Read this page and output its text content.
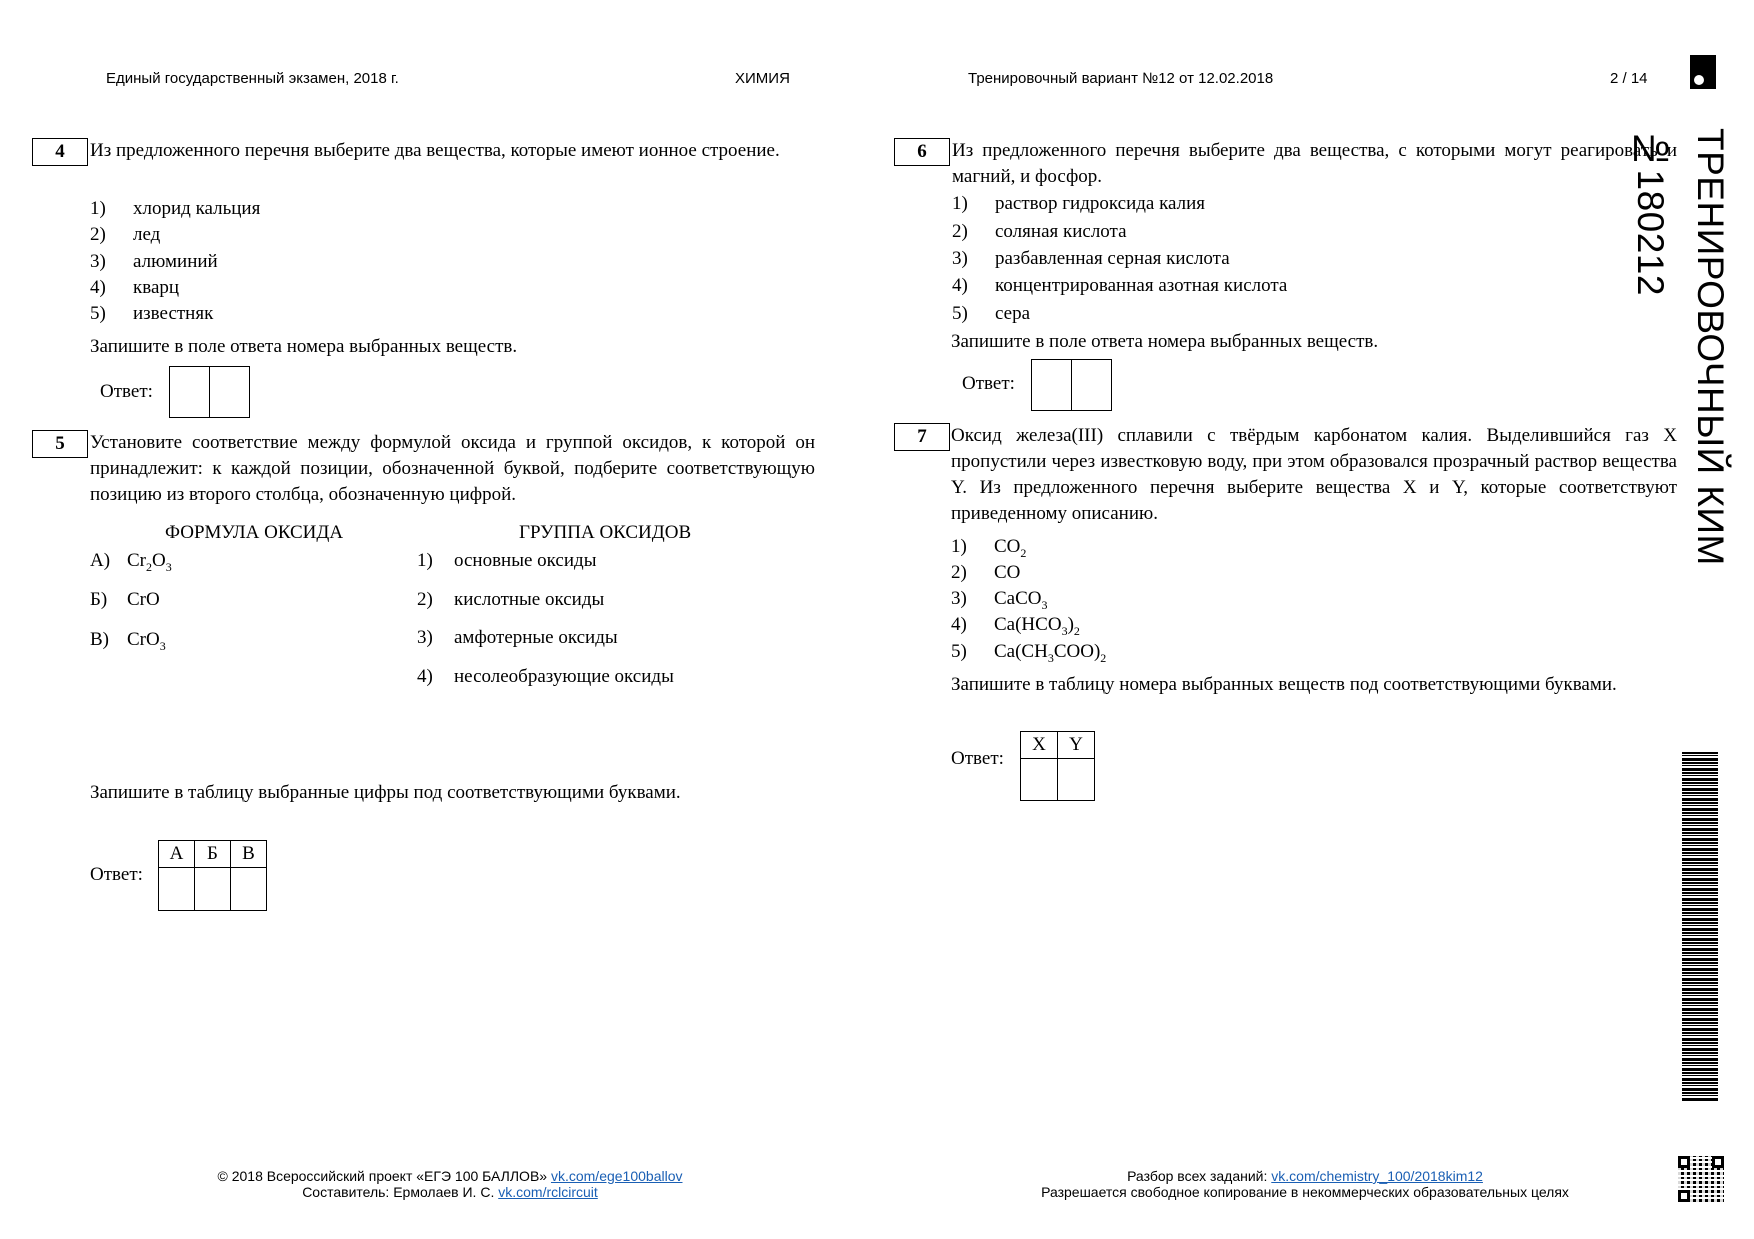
Единый государственный экзамен, 2018 г.	ХИМИЯ	Тренировочный вариант №12 от 12.02.2018	2 / 14
ТРЕНИРОВОЧНЫЙ КИМ №180212
4	Из предложенного перечня выберите два вещества, которые имеют ионное строение.
1) хлорид кальция
2) лед
3) алюминий
4) кварц
5) известняк
Запишите в поле ответа номера выбранных веществ.
Ответ:

5	Установите соответствие между формулой оксида и группой оксидов, к которой он принадлежит: к каждой позиции, обозначенной буквой, подберите соответствующую позицию из второго столбца, обозначенную цифрой.
ФОРМУЛА ОКСИДА	ГРУППА ОКСИДОВ
А) $Cr_2O_3$
Б) CrO
В) CrO$_3$
1) основные оксиды
2) кислотные оксиды
3) амфотерные оксиды
4) несолеобразующие оксиды
Запишите в таблицу выбранные цифры под соответствующими буквами.
Ответ:
А	Б	В

6	Из предложенного перечня выберите два вещества, с которыми могут реагировать и магний, и фосфор.
1) раствор гидроксида калия
2) соляная кислота
3) разбавленная серная кислота
4) концентрированная азотная кислота
5) сера
Запишите в поле ответа номера выбранных веществ.
Ответ:

7	Оксид железа(III) сплавили с твёрдым карбонатом калия. Выделившийся газ X пропустили через известковую воду, при этом образовался прозрачный раствор вещества Y. Из предложенного перечня выберите вещества X и Y, которые соответствуют приведенному описанию.
1) $CO_2$
2) CO
3) CaCO$_3$
4) $Ca(HCO_3)_2$
5) $Ca(CH_3COO)_2$
Запишите в таблицу номера выбранных веществ под соответствующими буквами.
Ответ:
X	Y

© 2018 Всероссийский проект «ЕГЭ 100 БАЛЛОВ» vk.com/ege100ballov
Составитель: Ермолаев И. С. vk.com/rclcircuit
Разбор всех заданий: vk.com/chemistry_100/2018kim12
Разрешается свободное копирование в некоммерческих образовательных целях
